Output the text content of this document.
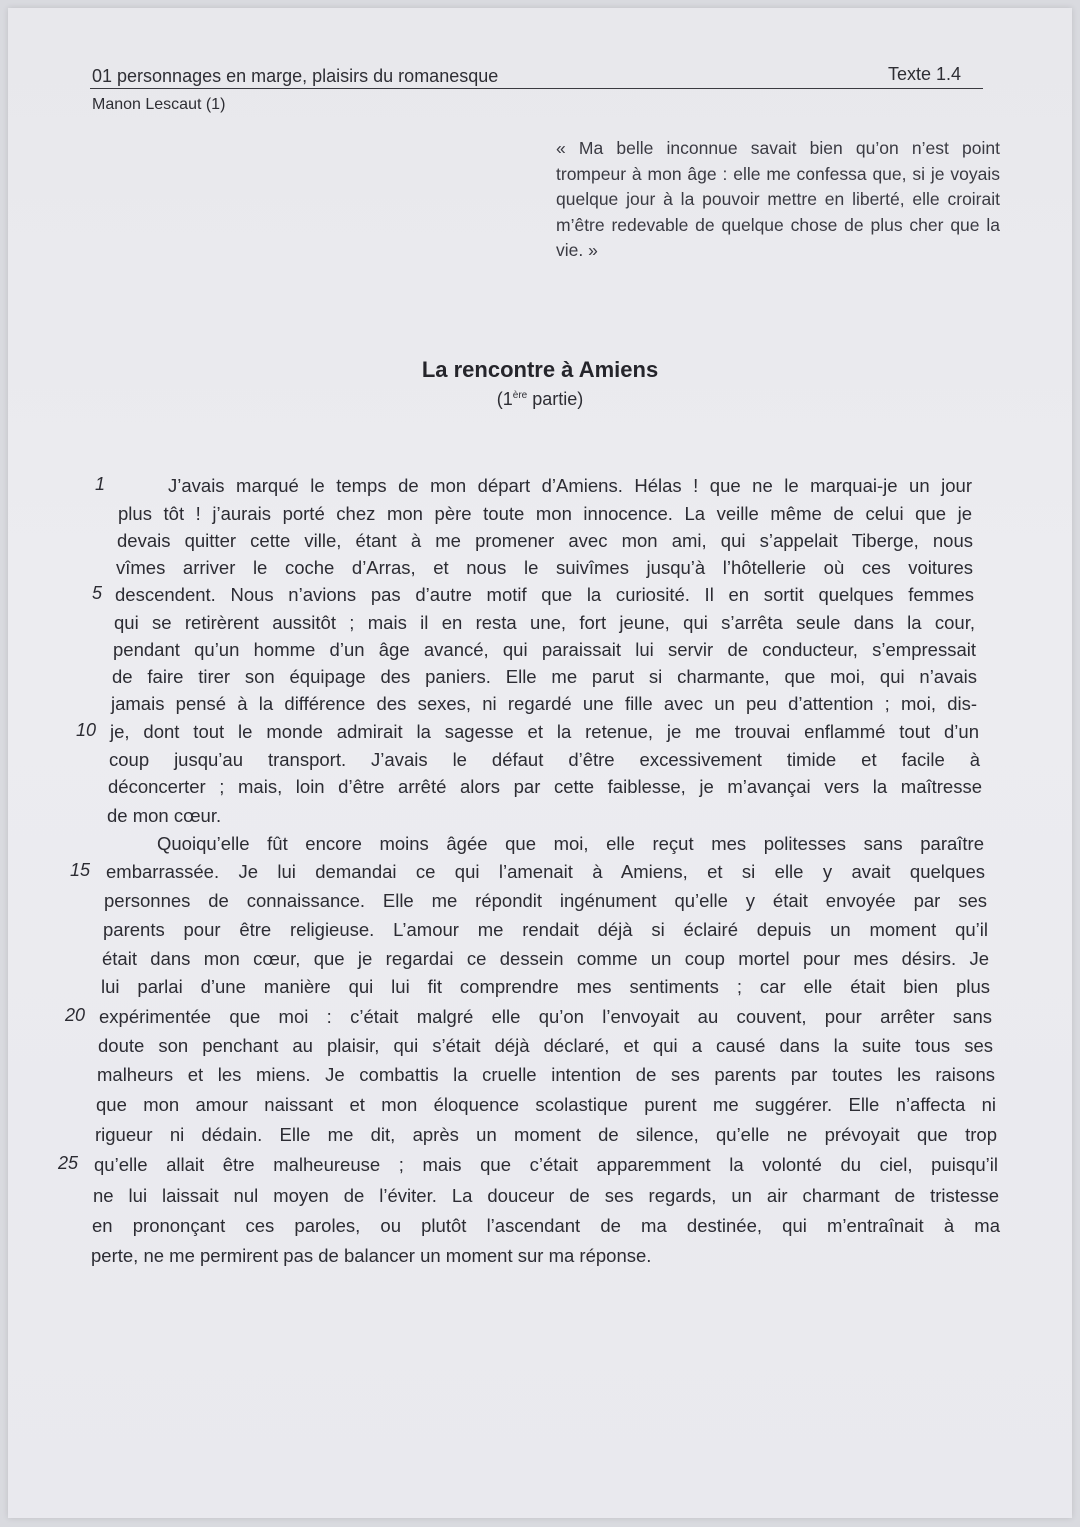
01 personnages en marge, plaisirs du romanesque	Texte 1.4
Manon Lescaut (1)
« Ma belle inconnue savait bien qu’on n’est point trompeur à mon âge : elle me confessa que, si je voyais quelque jour à la pouvoir mettre en liberté, elle croirait m’être redevable de quelque chose de plus cher que la vie. »
La rencontre à Amiens
(1ère partie)
J’avais marqué le temps de mon départ d’Amiens. Hélas ! que ne le marquai-je un jour
plus tôt ! j’aurais porté chez mon père toute mon innocence. La veille même de celui que je
devais quitter cette ville, étant à me promener avec mon ami, qui s’appelait Tiberge, nous
vîmes arriver le coche d’Arras, et nous le suivîmes jusqu’à l’hôtellerie où ces voitures
descendent. Nous n’avions pas d’autre motif que la curiosité. Il en sortit quelques femmes
qui se retirèrent aussitôt ; mais il en resta une, fort jeune, qui s’arrêta seule dans la cour,
pendant qu’un homme d’un âge avancé, qui paraissait lui servir de conducteur, s’empressait
de faire tirer son équipage des paniers. Elle me parut si charmante, que moi, qui n’avais
jamais pensé à la différence des sexes, ni regardé une fille avec un peu d’attention ; moi, dis-
je, dont tout le monde admirait la sagesse et la retenue, je me trouvai enflammé tout d’un
coup jusqu’au transport. J’avais le défaut d’être excessivement timide et facile à
déconcerter ; mais, loin d’être arrêté alors par cette faiblesse, je m’avançai vers la maîtresse
de mon cœur.
Quoiqu’elle fût encore moins âgée que moi, elle reçut mes politesses sans paraître
embarrassée. Je lui demandai ce qui l’amenait à Amiens, et si elle y avait quelques
personnes de connaissance. Elle me répondit ingénument qu’elle y était envoyée par ses
parents pour être religieuse. L’amour me rendait déjà si éclairé depuis un moment qu’il
était dans mon cœur, que je regardai ce dessein comme un coup mortel pour mes désirs. Je
lui parlai d’une manière qui lui fit comprendre mes sentiments ; car elle était bien plus
expérimentée que moi : c’était malgré elle qu’on l’envoyait au couvent, pour arrêter sans
doute son penchant au plaisir, qui s’était déjà déclaré, et qui a causé dans la suite tous ses
malheurs et les miens. Je combattis la cruelle intention de ses parents par toutes les raisons
que mon amour naissant et mon éloquence scolastique purent me suggérer. Elle n’affecta ni
rigueur ni dédain. Elle me dit, après un moment de silence, qu’elle ne prévoyait que trop
qu’elle allait être malheureuse ; mais que c’était apparemment la volonté du ciel, puisqu’il
ne lui laissait nul moyen de l’éviter. La douceur de ses regards, un air charmant de tristesse
en prononçant ces paroles, ou plutôt l’ascendant de ma destinée, qui m’entraînait à ma
perte, ne me permirent pas de balancer un moment sur ma réponse.
1
5
10
15
20
25
